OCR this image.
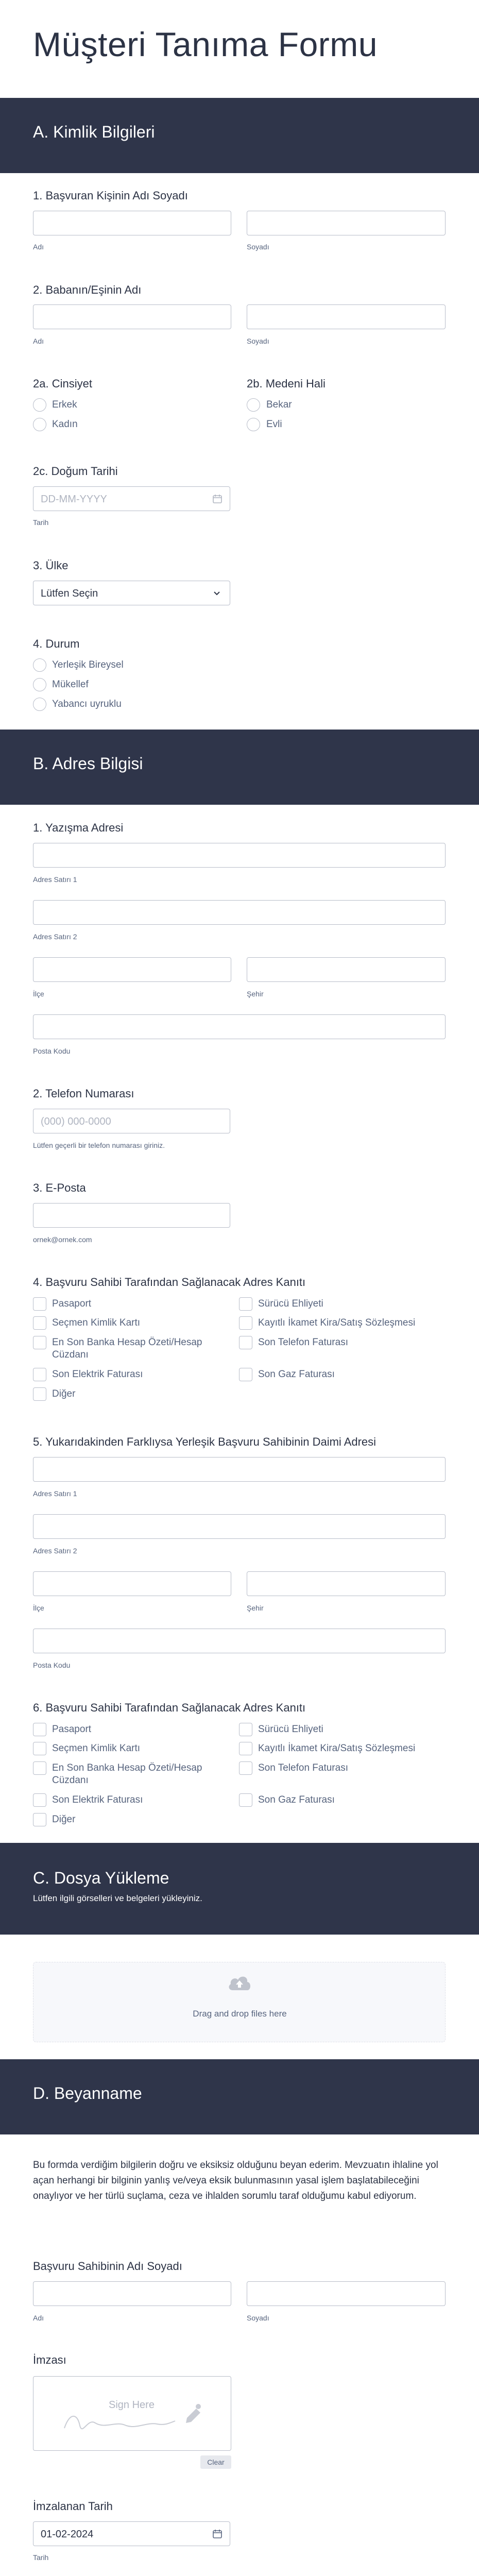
Müşteri Tanıma Formu
A. Kimlik Bilgileri
1. Başvuran Kişinin Adı Soyadı
Adı	Soyadı
2. Babanın/Eşinin Adı
Adı	Soyadı
2a. Cinsiyet
Erkek
Kadın
2b. Medeni Hali
Bekar
Evli
2c. Doğum Tarihi
DD-MM-YYYY
Tarih
3. Ülke
Lütfen Seçin
4. Durum
Yerleşik Bireysel
Mükellef
Yabancı uyruklu
B. Adres Bilgisi
1. Yazışma Adresi
Adres Satırı 1
Adres Satırı 2
İlçe	Şehir
Posta Kodu
2. Telefon Numarası
(000) 000-0000
Lütfen geçerli bir telefon numarası giriniz.
3. E-Posta
ornek@ornek.com
4. Başvuru Sahibi Tarafından Sağlanacak Adres Kanıtı
Pasaport
Seçmen Kimlik Kartı
En Son Banka Hesap Özeti/Hesap Cüzdanı
Son Elektrik Faturası
Diğer
Sürücü Ehliyeti
Kayıtlı İkamet Kira/Satış Sözleşmesi
Son Telefon Faturası
Son Gaz Faturası
5. Yukarıdakinden Farklıysa Yerleşik Başvuru Sahibinin Daimi Adresi
Adres Satırı 1
Adres Satırı 2
İlçe	Şehir
Posta Kodu
6. Başvuru Sahibi Tarafından Sağlanacak Adres Kanıtı
Pasaport
Seçmen Kimlik Kartı
En Son Banka Hesap Özeti/Hesap Cüzdanı
Son Elektrik Faturası
Diğer
Sürücü Ehliyeti
Kayıtlı İkamet Kira/Satış Sözleşmesi
Son Telefon Faturası
Son Gaz Faturası
C. Dosya Yükleme
Lütfen ilgili görselleri ve belgeleri yükleyiniz.
Drag and drop files here
D. Beyanname
Bu formda verdiğim bilgilerin doğru ve eksiksiz olduğunu beyan ederim. Mevzuatın ihlaline yol açan herhangi bir bilginin yanlış ve/veya eksik bulunmasının yasal işlem başlatabileceğini onaylıyor ve her türlü suçlama, ceza ve ihlalden sorumlu taraf olduğumu kabul ediyorum.
Başvuru Sahibinin Adı Soyadı
Adı	Soyadı
İmzası
Sign Here
Clear
İmzalanan Tarih
01-02-2024
Tarih
